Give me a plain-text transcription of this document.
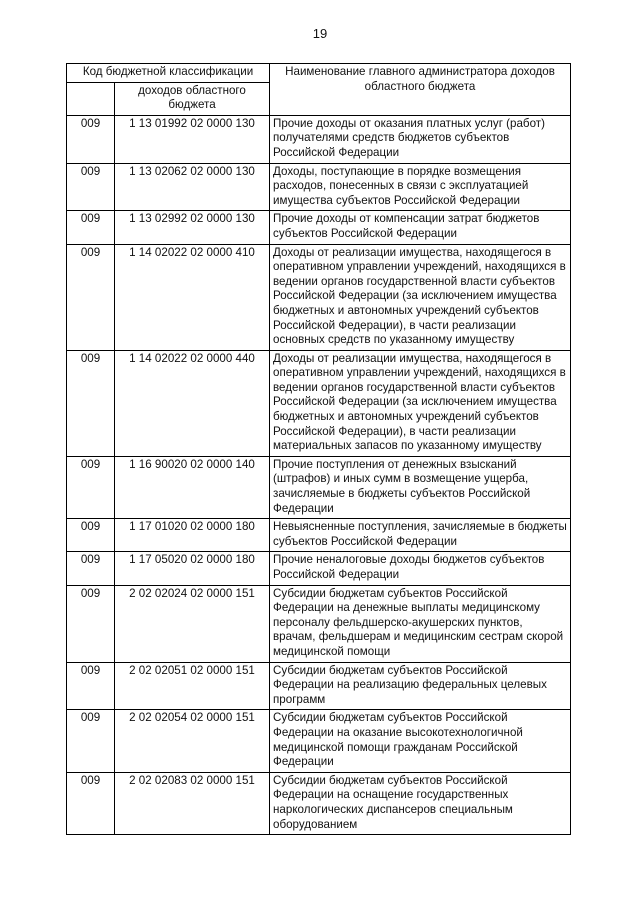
19
Код бюджетной классификации		Наименование главного администратора доходов областного бюджета
	доходов областного бюджета	
009	1 13 01992 02 0000 130	Прочие доходы от оказания платных услуг (работ) получателями средств бюджетов субъектов Российской Федерации
009	1 13 02062 02 0000 130	Доходы, поступающие в порядке возмещения расходов, понесенных в связи с эксплуатацией имущества субъектов Российской Федерации
009	1 13 02992 02 0000 130	Прочие доходы от компенсации затрат бюджетов субъектов Российской Федерации
009	1 14 02022 02 0000 410	Доходы от реализации имущества, находящегося в оперативном управлении учреждений, находящихся в ведении органов государственной власти субъектов Российской Федерации (за исключением имущества бюджетных и автономных учреждений субъектов Российской Федерации), в части реализации основных средств по указанному имуществу
009	1 14 02022 02 0000 440	Доходы от реализации имущества, находящегося в оперативном управлении учреждений, находящихся в ведении органов государственной власти субъектов Российской Федерации (за исключением имущества бюджетных и автономных учреждений субъектов Российской Федерации), в части реализации материальных запасов по указанному имуществу
009	1 16 90020 02 0000 140	Прочие поступления от денежных взысканий (штрафов) и иных сумм в возмещение ущерба, зачисляемые в бюджеты субъектов Российской Федерации
009	1 17 01020 02 0000 180	Невыясненные поступления, зачисляемые в бюджеты субъектов Российской Федерации
009	1 17 05020 02 0000 180	Прочие неналоговые доходы бюджетов субъектов Российской Федерации
009	2 02 02024 02 0000 151	Субсидии бюджетам субъектов Российской Федерации на денежные выплаты медицинскому персоналу фельдшерско-акушерских пунктов, врачам, фельдшерам и медицинским сестрам скорой медицинской помощи
009	2 02 02051 02 0000 151	Субсидии бюджетам субъектов Российской Федерации на реализацию федеральных целевых программ
009	2 02 02054 02 0000 151	Субсидии бюджетам субъектов Российской Федерации на оказание высокотехнологичной медицинской помощи гражданам Российской Федерации
009	2 02 02083 02 0000 151	Субсидии бюджетам субъектов Российской Федерации на оснащение государственных наркологических диспансеров специальным оборудованием
